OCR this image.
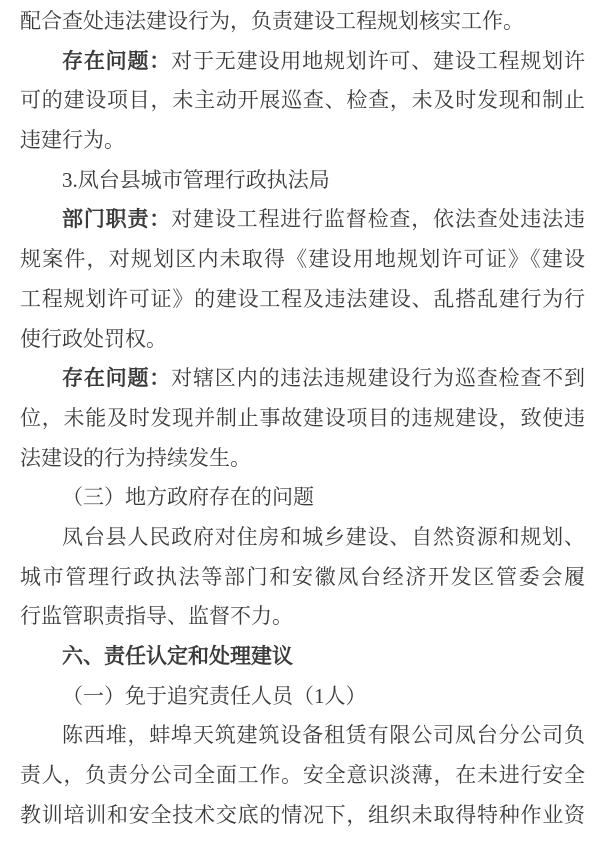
配合查处违法建设行为，负责建设工程规划核实工作。
存在问题：对于无建设用地规划许可、建设工程规划许
可的建设项目，未主动开展巡查、检查，未及时发现和制止
违建行为。
3.凤台县城市管理行政执法局
部门职责：对建设工程进行监督检查，依法查处违法违
规案件，对规划区内未取得《建设用地规划许可证》《建设
工程规划许可证》的建设工程及违法建设、乱搭乱建行为行
使行政处罚权。
存在问题：对辖区内的违法违规建设行为巡查检查不到
位，未能及时发现并制止事故建设项目的违规建设，致使违
法建设的行为持续发生。
（三）地方政府存在的问题
凤台县人民政府对住房和城乡建设、自然资源和规划、
城市管理行政执法等部门和安徽凤台经济开发区管委会履
行监管职责指导、监督不力。
六、责任认定和处理建议
（一）免于追究责任人员（1人）
陈西堆，蚌埠天筑建筑设备租赁有限公司凤台分公司负
责人，负责分公司全面工作。安全意识淡薄，在未进行安全
教训培训和安全技术交底的情况下，组织未取得特种作业资
